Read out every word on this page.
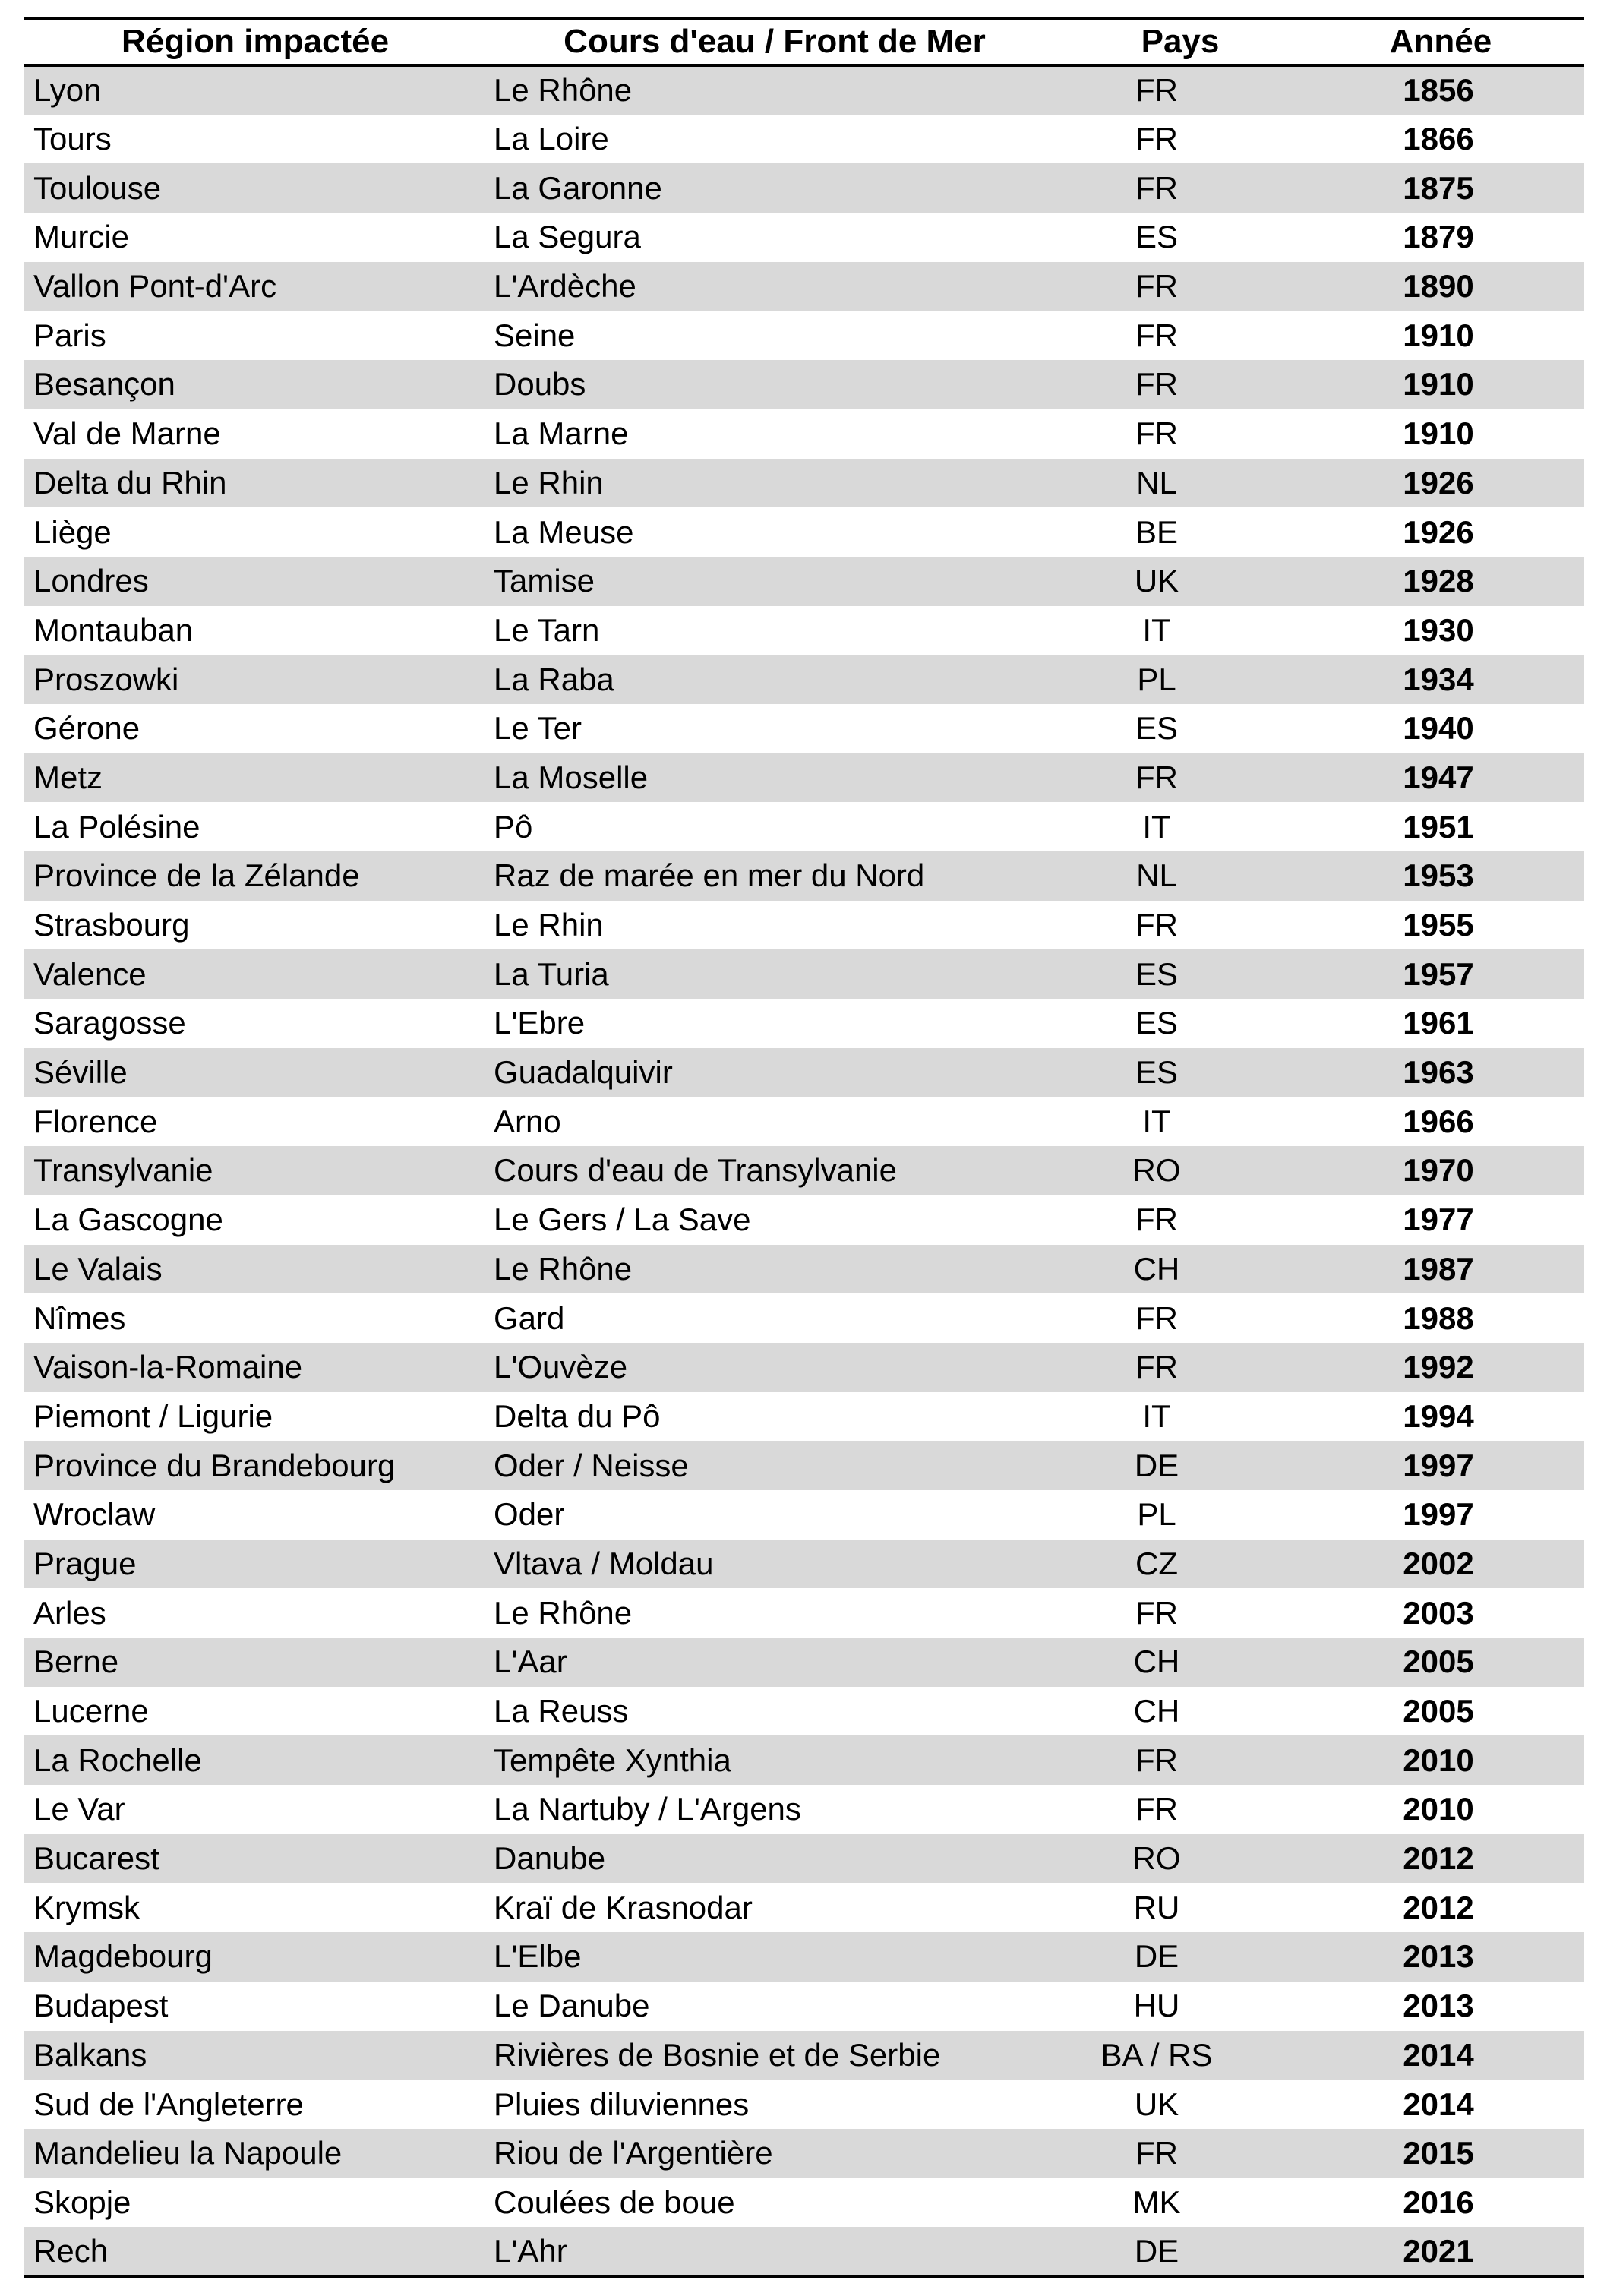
Région impactée	Cours d'eau / Front de Mer	Pays	Année
Lyon	Le Rhône	FR	1856
Tours	La Loire	FR	1866
Toulouse	La Garonne	FR	1875
Murcie	La Segura	ES	1879
Vallon Pont-d'Arc	L'Ardèche	FR	1890
Paris	Seine	FR	1910
Besançon	Doubs	FR	1910
Val de Marne	La Marne	FR	1910
Delta du Rhin	Le Rhin	NL	1926
Liège	La Meuse	BE	1926
Londres	Tamise	UK	1928
Montauban	Le Tarn	IT	1930
Proszowki	La Raba	PL	1934
Gérone	Le Ter	ES	1940
Metz	La Moselle	FR	1947
La Polésine	Pô	IT	1951
Province de la Zélande	Raz de marée en mer du Nord	NL	1953
Strasbourg	Le Rhin	FR	1955
Valence	La Turia	ES	1957
Saragosse	L'Ebre	ES	1961
Séville	Guadalquivir	ES	1963
Florence	Arno	IT	1966
Transylvanie	Cours d'eau de Transylvanie	RO	1970
La Gascogne	Le Gers / La Save	FR	1977
Le Valais	Le Rhône	CH	1987
Nîmes	Gard	FR	1988
Vaison-la-Romaine	L'Ouvèze	FR	1992
Piemont / Ligurie	Delta du Pô	IT	1994
Province du Brandebourg	Oder / Neisse	DE	1997
Wroclaw	Oder	PL	1997
Prague	Vltava / Moldau	CZ	2002
Arles	Le Rhône	FR	2003
Berne	L'Aar	CH	2005
Lucerne	La Reuss	CH	2005
La Rochelle	Tempête Xynthia	FR	2010
Le Var	La Nartuby / L'Argens	FR	2010
Bucarest	Danube	RO	2012
Krymsk	Kraï de Krasnodar	RU	2012
Magdebourg	L'Elbe	DE	2013
Budapest	Le Danube	HU	2013
Balkans	Rivières de Bosnie et de Serbie	BA / RS	2014
Sud de l'Angleterre	Pluies diluviennes	UK	2014
Mandelieu la Napoule	Riou de l'Argentière	FR	2015
Skopje	Coulées de boue	MK	2016
Rech	L'Ahr	DE	2021
